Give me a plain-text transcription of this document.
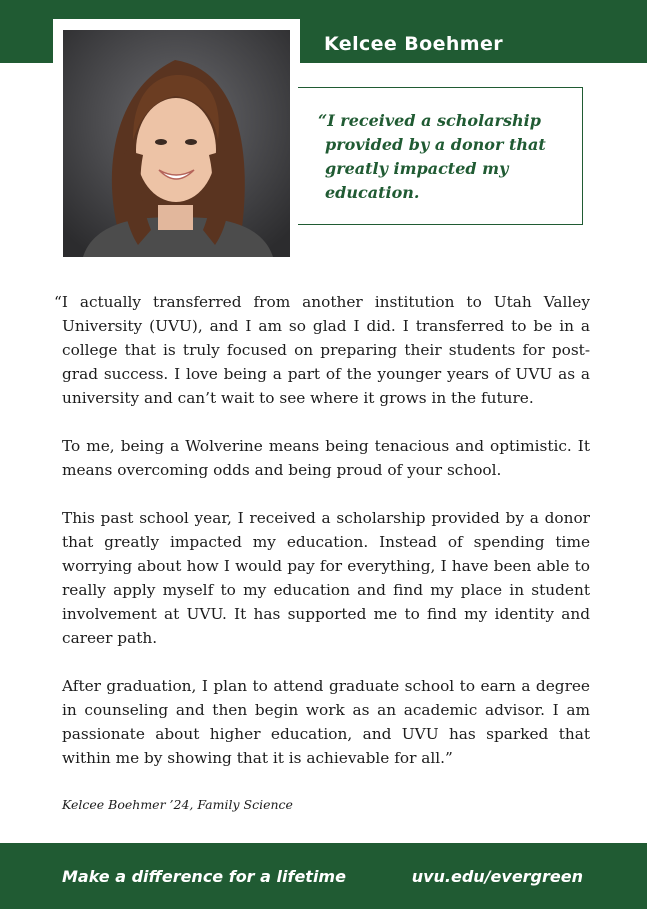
Kelcee Boehmer
“I received a scholarship provided by a donor that greatly impacted my education.

“I actually transferred from another institution to Utah Valley University (UVU), and I am so glad I did. I transferred to be in a college that is truly focused on preparing their students for post-grad success. I love being a part of the younger years of UVU as a university and can’t wait to see where it grows in the future.

To me, being a Wolverine means being tenacious and optimistic. It means overcoming odds and being proud of your school.

This past school year, I received a scholarship provided by a donor that greatly impacted my education. Instead of spending time worrying about how I would pay for everything, I have been able to really apply myself to my education and find my place in student involvement at UVU. It has supported me to find my identity and career path.

After graduation, I plan to attend graduate school to earn a degree in counseling and then begin work as an academic advisor. I am passionate about higher education, and UVU has sparked that within me by showing that it is achievable for all.”

Kelcee Boehmer ’24, Family Science
Make a difference for a lifetime	uvu.edu/evergreen
